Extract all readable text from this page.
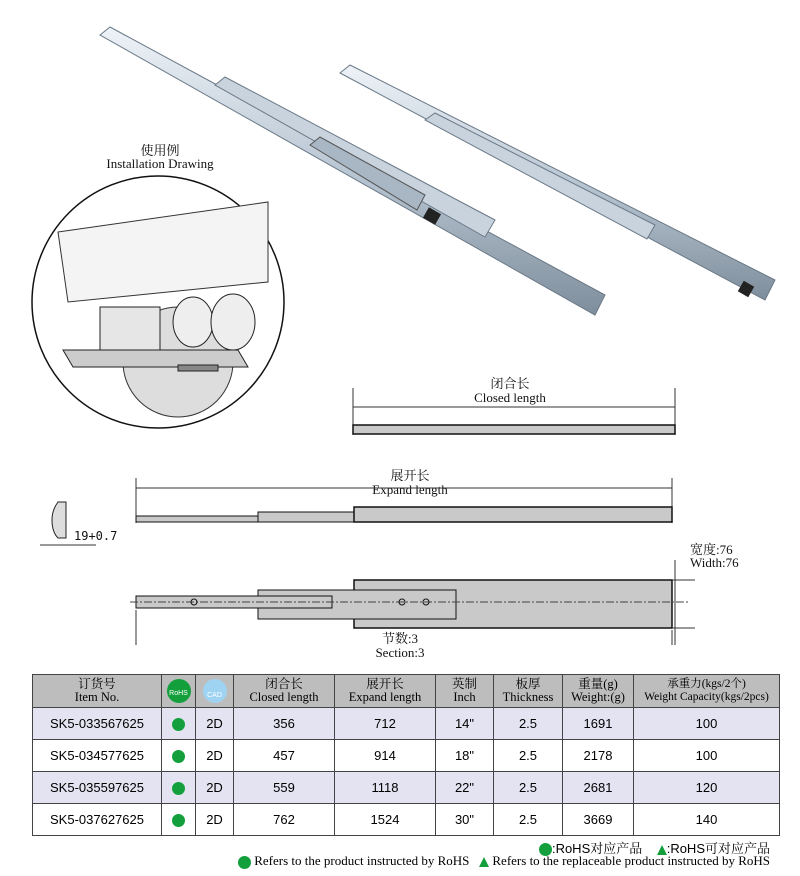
使用例
Installation Drawing
闭合长
Closed length
展开长
Expand length
19+0.7
宽度:76
Width:76
节数:3
Section:3
订货号
Item No.	RoHS	CAD	闭合长
Closed length	展开长
Expand length	英制
Inch	板厚
Thickness	重量(g)
Weight:(g)	承重力(kgs/2个)
Weight Capacity(kgs/2pcs)
SK5-033567625		2D	356	712	14"	2.5	1691	100
SK5-034577625		2D	457	914	18"	2.5	2178	100
SK5-035597625		2D	559	1118	22"	2.5	2681	120
SK5-037627625		2D	762	1524	30"	2.5	3669	140
:RoHS对应产品 :RoHS可对应产品
Refers to the product instructed by RoHS Refers to the replaceable product instructed by RoHS
